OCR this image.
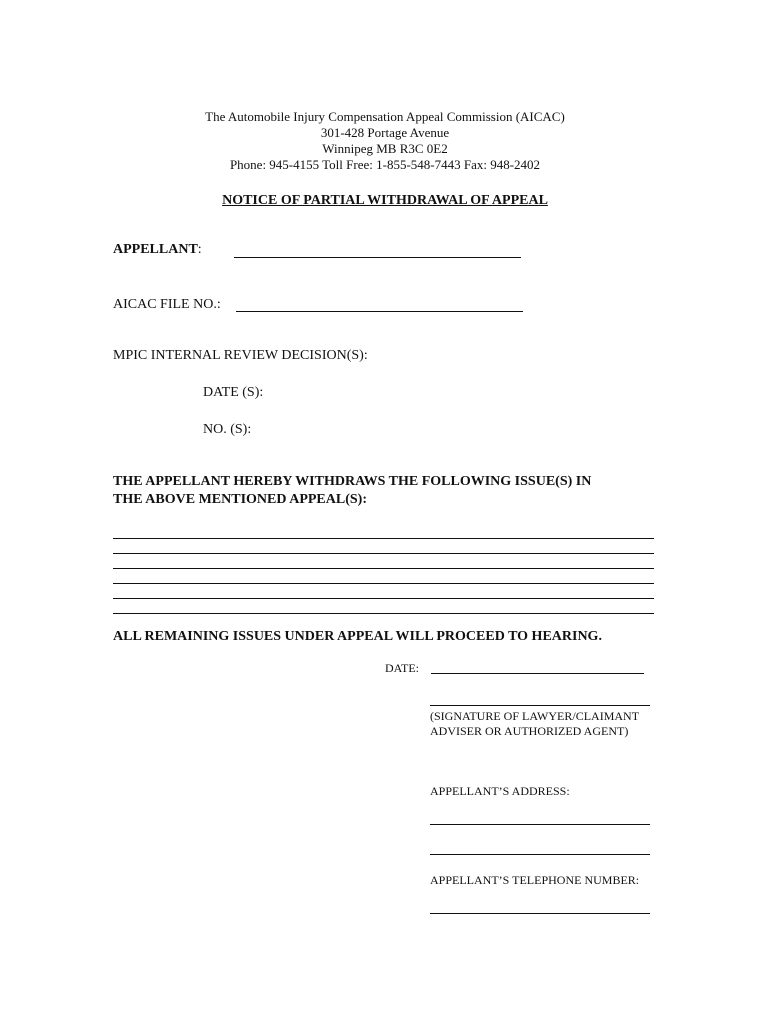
The Automobile Injury Compensation Appeal Commission (AICAC)
301-428 Portage Avenue
Winnipeg MB R3C 0E2
Phone: 945-4155 Toll Free: 1-855-548-7443 Fax: 948-2402
NOTICE OF PARTIAL WITHDRAWAL OF APPEAL
APPELLANT:
AICAC FILE NO.:
MPIC INTERNAL REVIEW DECISION(S):
DATE (S):
NO. (S):
THE APPELLANT HEREBY WITHDRAWS THE FOLLOWING ISSUE(S) IN
THE ABOVE MENTIONED APPEAL(S):
ALL REMAINING ISSUES UNDER APPEAL WILL PROCEED TO HEARING.
DATE:
(SIGNATURE OF LAWYER/CLAIMANT
ADVISER OR AUTHORIZED AGENT)
APPELLANT’S ADDRESS:
APPELLANT’S TELEPHONE NUMBER:
